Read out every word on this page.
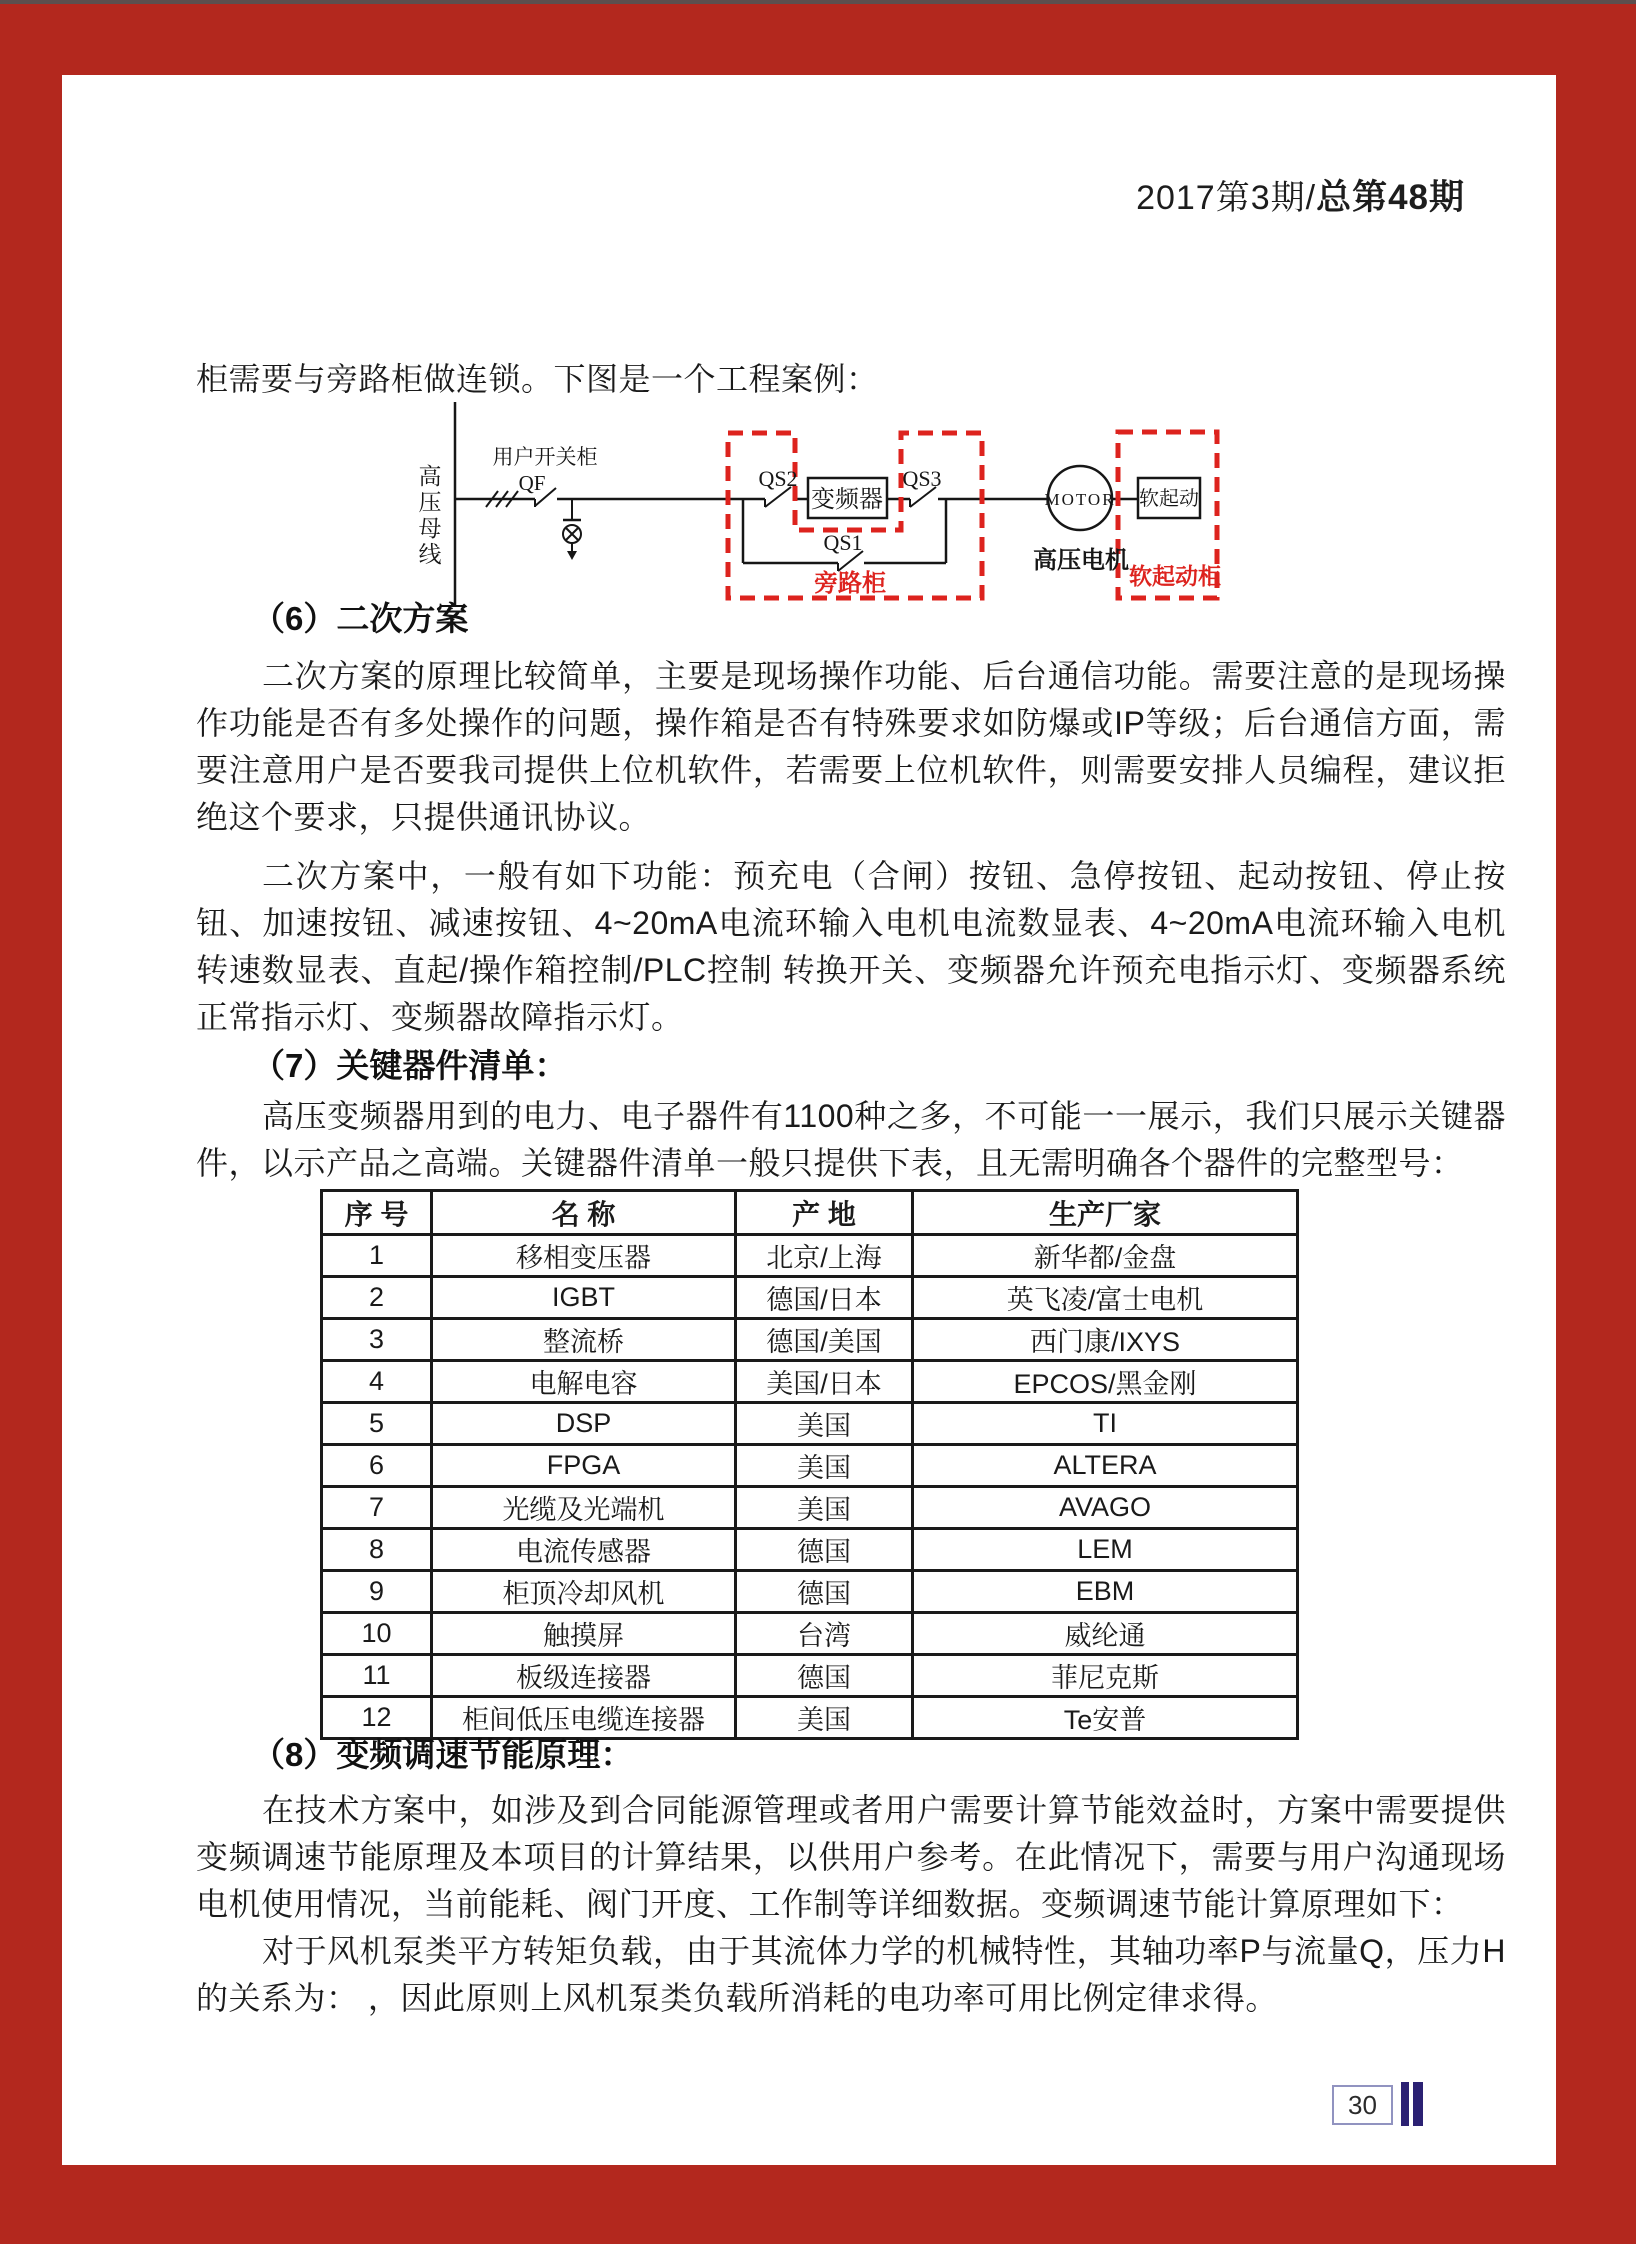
2017第3期/总第48期
柜需要与旁路柜做连锁。下图是一个工程案例：
高
压
母
线
用户开关柜
QF	QS2
变频器
QS3
QS1
旁路柜
MOTOR
高压电机
软起动
软起动柜
（6）二次方案
二次方案的原理比较简单，主要是现场操作功能、后台通信功能。需要注意的是现场操作功能是否有多处操作的问题，操作箱是否有特殊要求如防爆或IP等级；后台通信方面，需要注意用户是否要我司提供上位机软件，若需要上位机软件，则需要安排人员编程，建议拒绝这个要求，只提供通讯协议。
二次方案中，一般有如下功能：预充电（合闸）按钮、急停按钮、起动按钮、停止按钮、加速按钮、减速按钮、4~20mA电流环输入电机电流数显表、4~20mA电流环输入电机转速数显表、直起/操作箱控制/PLC控制 转换开关、变频器允许预充电指示灯、变频器系统正常指示灯、变频器故障指示灯。
（7）关键器件清单：
高压变频器用到的电力、电子器件有1100种之多，不可能一一展示，我们只展示关键器件，以示产品之高端。关键器件清单一般只提供下表，且无需明确各个器件的完整型号：
序 号	名 称	产 地	生产厂家
1	移相变压器	北京/上海	新华都/金盘
2	IGBT	德国/日本	英飞凌/富士电机
3	整流桥	德国/美国	西门康/IXYS
4	电解电容	美国/日本	EPCOS/黑金刚
5	DSP	美国	TI
6	FPGA	美国	ALTERA
7	光缆及光端机	美国	AVAGO
8	电流传感器	德国	LEM
9	柜顶冷却风机	德国	EBM
10	触摸屏	台湾	威纶通
11	板级连接器	德国	菲尼克斯
12	柜间低压电缆连接器	美国	Te安普
（8）变频调速节能原理：
在技术方案中，如涉及到合同能源管理或者用户需要计算节能效益时，方案中需要提供变频调速节能原理及本项目的计算结果，以供用户参考。在此情况下，需要与用户沟通现场电机使用情况，当前能耗、阀门开度、工作制等详细数据。变频调速节能计算原理如下：
对于风机泵类平方转矩负载，由于其流体力学的机械特性，其轴功率P与流量Q，压力H的关系为： ，因此原则上风机泵类负载所消耗的电功率可用比例定律求得。
30
